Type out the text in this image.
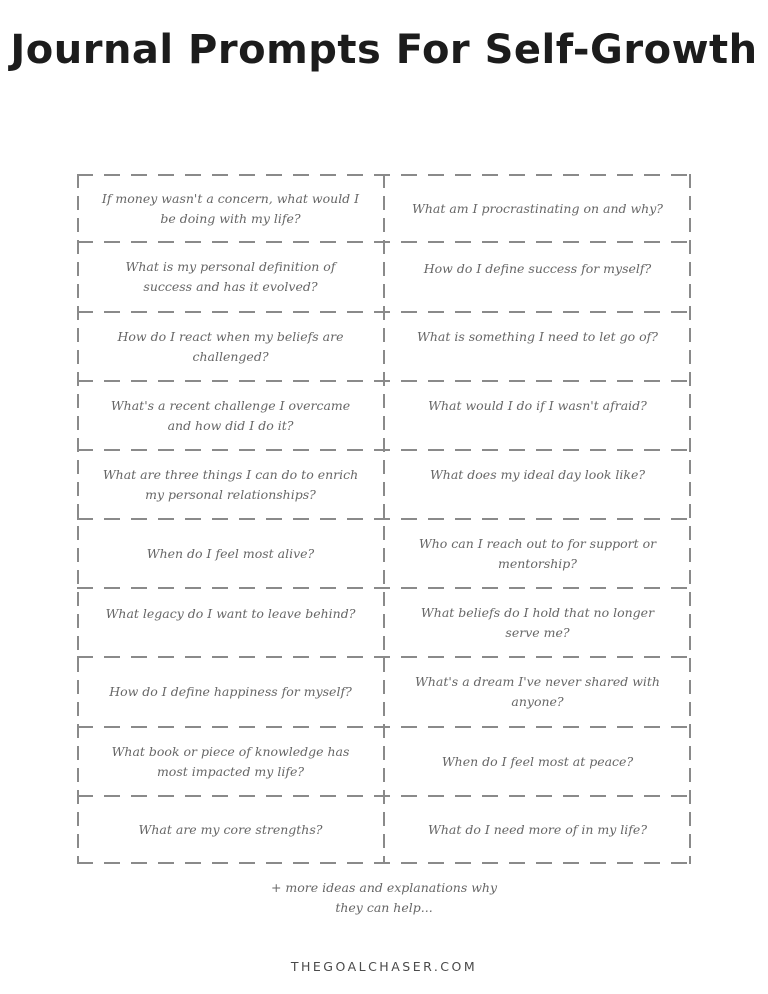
Journal Prompts For Self-Growth
If money wasn't a concern, what would I be doing with my life?
What is my personal definition of success and has it evolved?
How do I react when my beliefs are challenged?
What's a recent challenge I overcame and how did I do it?
What are three things I can do to enrich my personal relationships?
When do I feel most alive?
What legacy do I want to leave behind?
How do I define happiness for myself?
What book or piece of knowledge has most impacted my life?
What are my core strengths?
What am I procrastinating on and why?
How do I define success for myself?
What is something I need to let go of?
What would I do if I wasn't afraid?
What does my ideal day look like?
Who can I reach out to for support or mentorship?
What beliefs do I hold that no longer serve me?
What's a dream I've never shared with anyone?
When do I feel most at peace?
What do I need more of in my life?
+ more ideas and explanations why
they can help...
THEGOALCHASER.COM
